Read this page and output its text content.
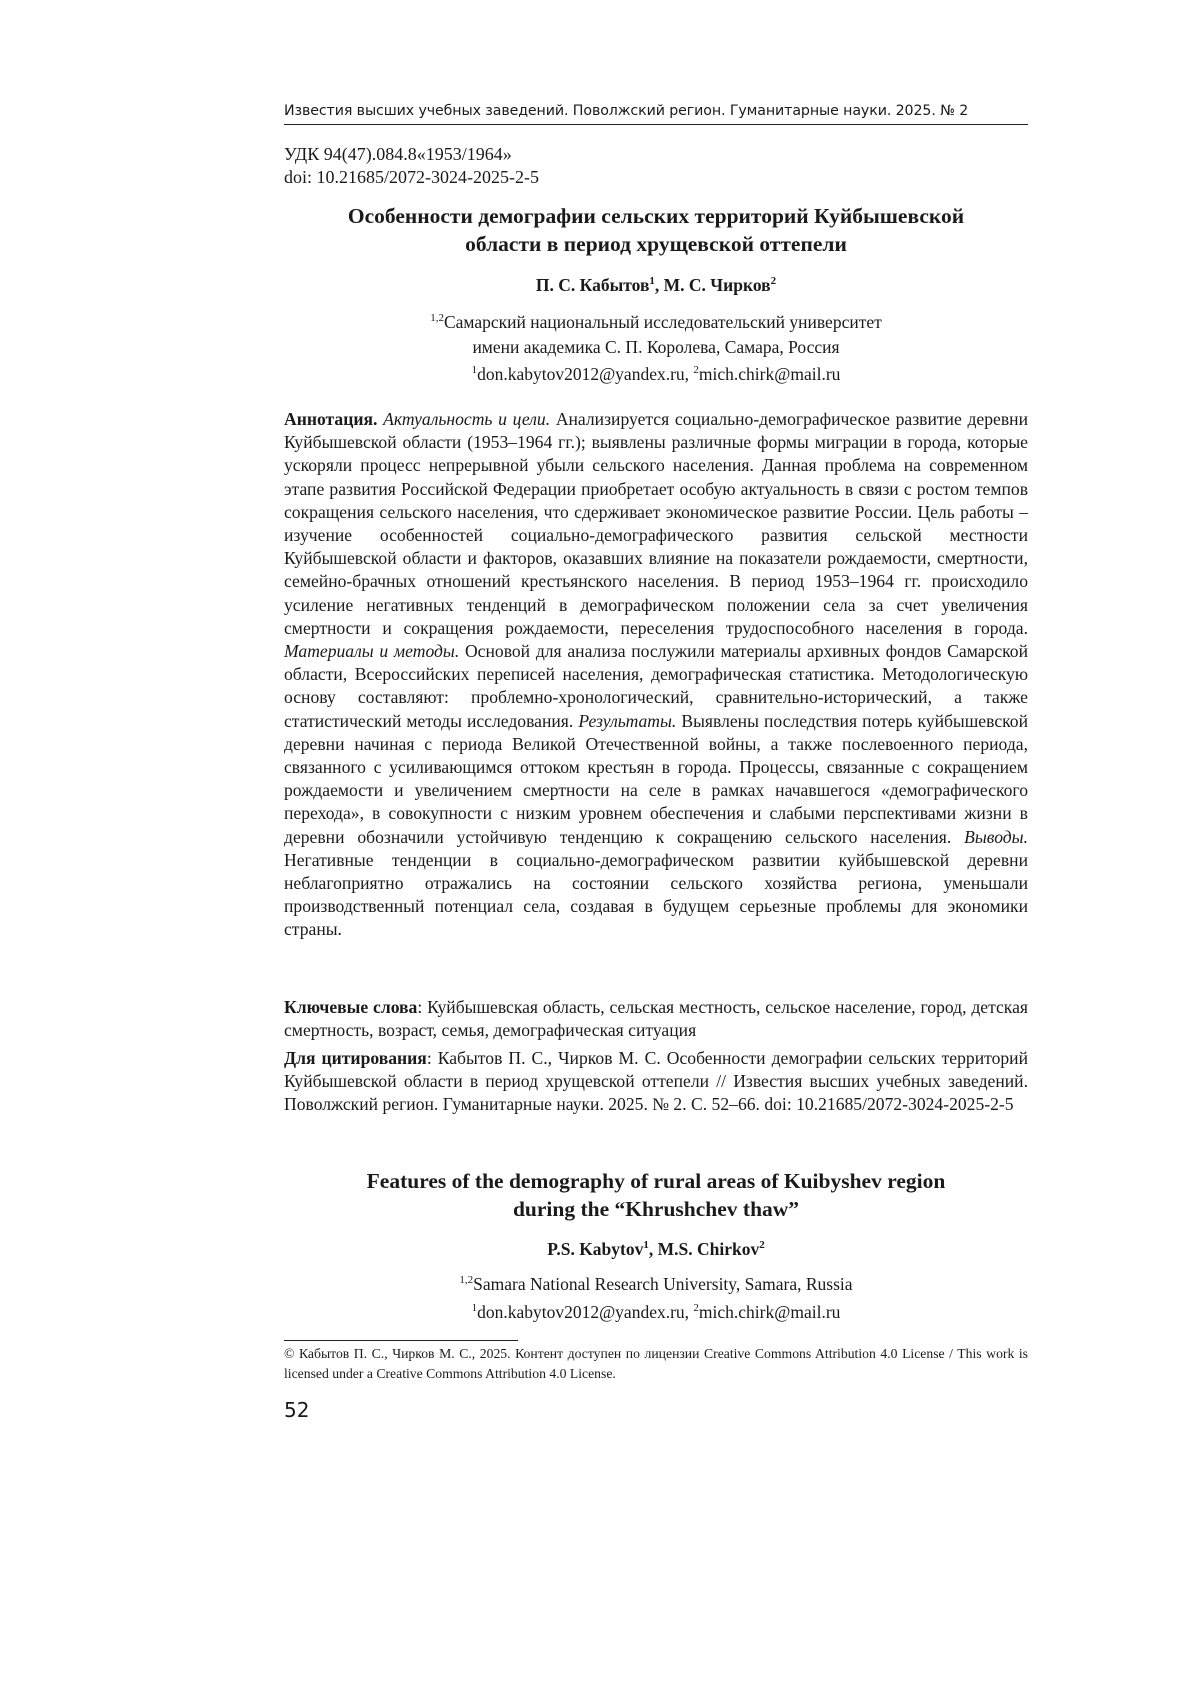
Известия высших учебных заведений. Поволжский регион. Гуманитарные науки. 2025. № 2
УДК 94(47).084.8«1953/1964»
doi: 10.21685/2072-3024-2025-2-5
Особенности демографии сельских территорий Куйбышевской
области в период хрущевской оттепели
П. С. Кабытов$^1$, М. С. Чирков$^2$
$^{1,2}$Самарский национальный исследовательский университет
имени академика С. П. Королева, Самара, Россия
$^1$don.kabytov2012@yandex.ru, $^2$mich.chirk@mail.ru
Аннотация. Актуальность и цели. Анализируется социально-демографическое развитие деревни Куйбышевской области (1953–1964 гг.); выявлены различные формы миграции в города, которые ускоряли процесс непрерывной убыли сельского населения. Данная проблема на современном этапе развития Российской Федерации приобретает особую актуальность в связи с ростом темпов сокращения сельского населения, что сдерживает экономическое развитие России. Цель работы – изучение особенностей социально-демографического развития сельской местности Куйбышевской области и факторов, оказавших влияние на показатели рождаемости, смертности, семейно-брачных отношений крестьянского населения. В период 1953–1964 гг. происходило усиление негативных тенденций в демографическом положении села за счет увеличения смертности и сокращения рождаемости, переселения трудоспособного населения в города. Материалы и методы. Основой для анализа послужили материалы архивных фондов Самарской области, Всероссийских переписей населения, демографическая статистика. Методологическую основу составляют: проблемно-хронологический, сравнительно-исторический, а также статистический методы исследования. Результаты. Выявлены последствия потерь куйбышевской деревни начиная с периода Великой Отечественной войны, а также послевоенного периода, связанного с усиливающимся оттоком крестьян в города. Процессы, связанные с сокращением рождаемости и увеличением смертности на селе в рамках начавшегося «демографического перехода», в совокупности с низким уровнем обеспечения и слабыми перспективами жизни в деревни обозначили устойчивую тенденцию к сокращению сельского населения. Выводы. Негативные тенденции в социально-демографическом развитии куйбышевской деревни неблагоприятно отражались на состоянии сельского хозяйства региона, уменьшали производственный потенциал села, создавая в будущем серьезные проблемы для экономики страны.
Ключевые слова: Куйбышевская область, сельская местность, сельское население, город, детская смертность, возраст, семья, демографическая ситуация
Для цитирования: Кабытов П. С., Чирков М. С. Особенности демографии сельских территорий Куйбышевской области в период хрущевской оттепели // Известия высших учебных заведений. Поволжский регион. Гуманитарные науки. 2025. № 2. С. 52–66. doi: 10.21685/2072-3024-2025-2-5
Features of the demography of rural areas of Kuibyshev region
during the “Khrushchev thaw”
P.S. Kabytov$^1$, M.S. Chirkov$^2$
$^{1,2}$Samara National Research University, Samara, Russia
$^1$don.kabytov2012@yandex.ru, $^2$mich.chirk@mail.ru
© Кабытов П. С., Чирков М. С., 2025. Контент доступен по лицензии Creative Commons Attribution 4.0 License / This work is licensed under a Creative Commons Attribution 4.0 License.
52
